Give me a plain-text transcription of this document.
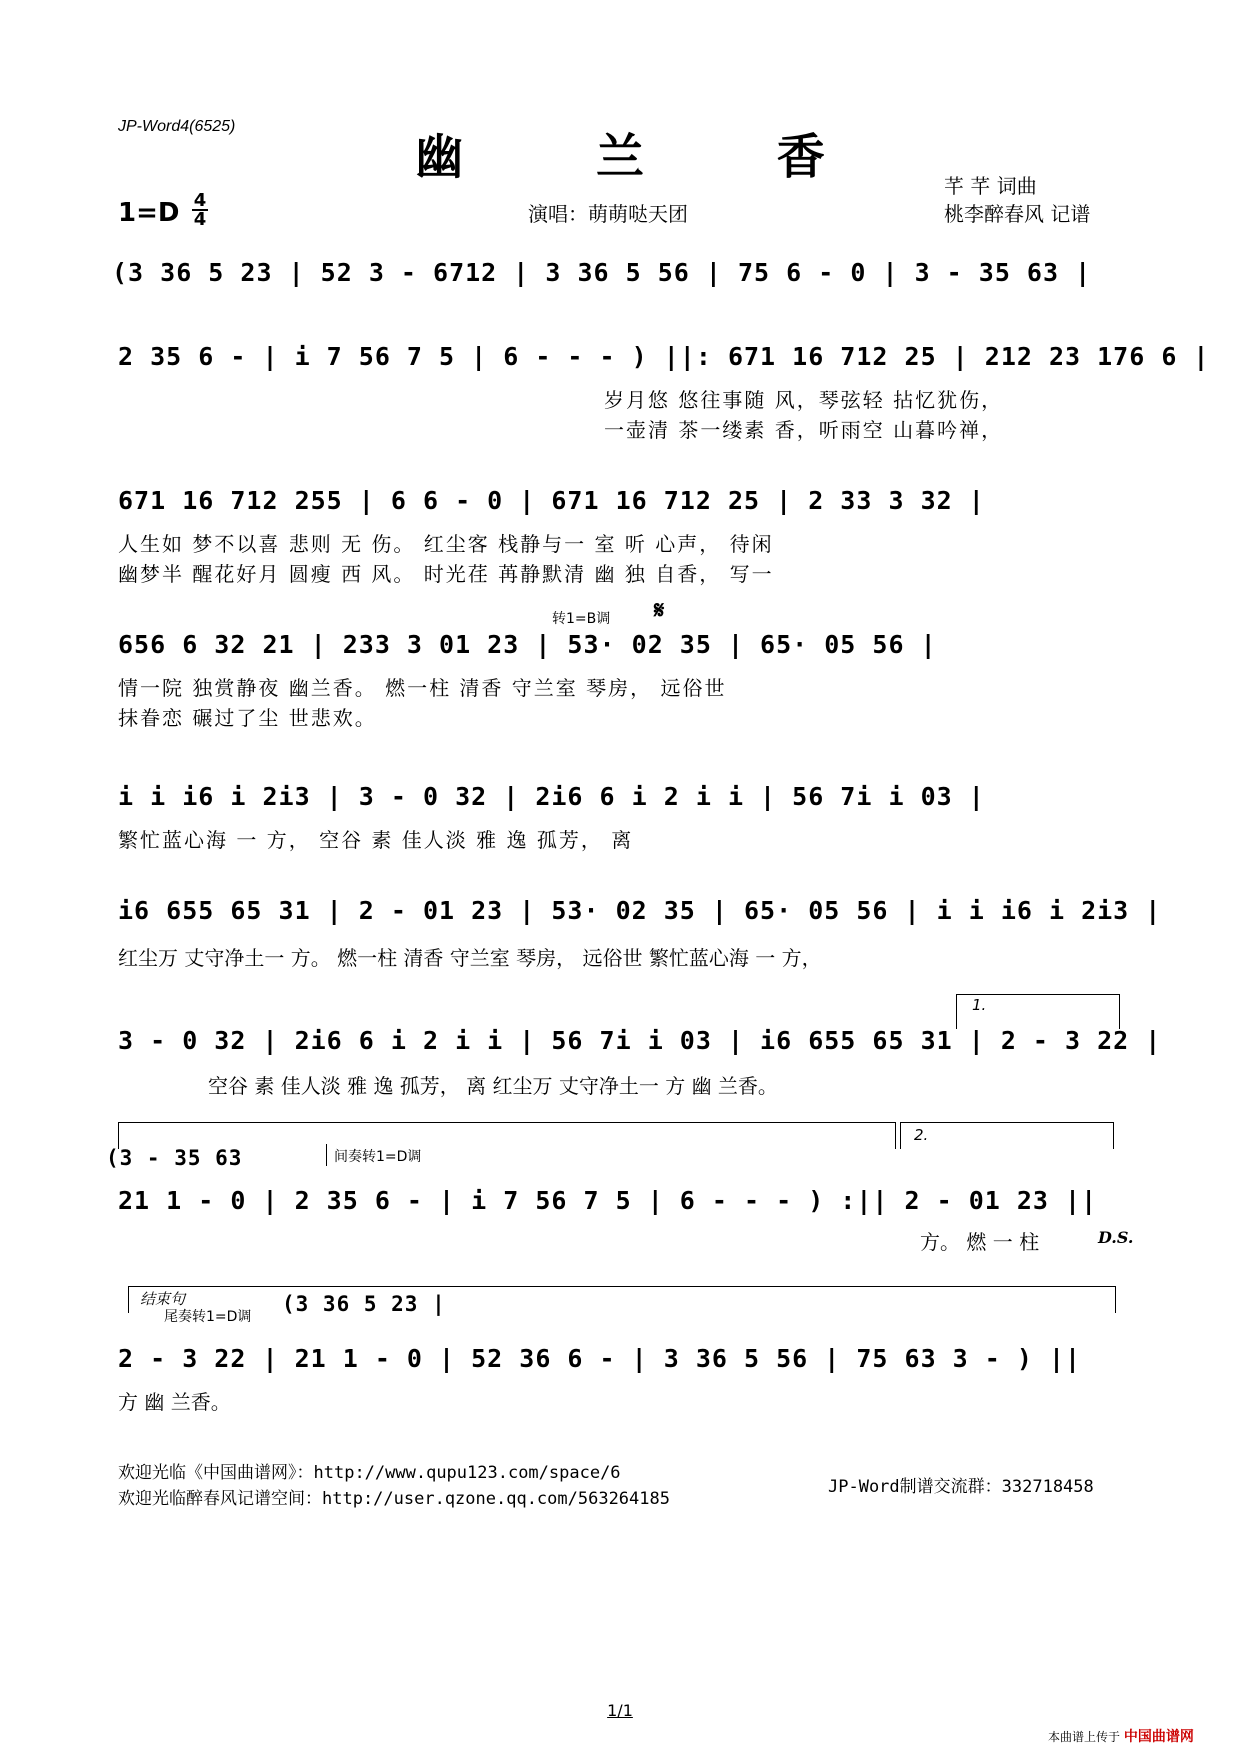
JP-Word4(6525)
幽 兰 香
1=D 4
4	演唱：萌萌哒天团
芊 芊 词曲
桃李醉春风 记谱
(3 36 5 23 | 52 3 - 6712 | 3 36 5 56 | 75 6 - 0 | 3 - 35 63 |
2 35 6 - | i 7 56 7 5 | 6 - - - ) ||: 671 16 712 25 | 212 23 176 6 |
岁月悠 悠往事随 风，琴弦轻 拈忆犹伤，
一壶清 茶一缕素 香，听雨空 山暮吟禅，
671 16 712 255 | 6 6 - 0 | 671 16 712 25 | 2 33 3 32 |
人生如 梦不以喜 悲则 无 伤。 红尘客 栈静与一 室 听 心声， 待闲
幽梦半 醒花好月 圆瘦 西 风。 时光荏 苒静默清 幽 独 自香， 写一
转1=B调 𝄋
656 6 32 21 | 233 3 01 23 | 53· 02 35 | 65· 05 56 |
情一院 独赏静夜 幽兰香。 燃一柱 清香 守兰室 琴房， 远俗世
抹眷恋 碾过了尘 世悲欢。
i i i6 i 2i3 | 3 - 0 32 | 2i6 6 i 2 i i | 56 7i i 03 |
繁忙蓝心海 一 方， 空谷 素 佳人淡 雅 逸 孤芳， 离
i6 655 65 31 | 2 - 01 23 | 53· 02 35 | 65· 05 56 | i i i6 i 2i3 |
红尘万 丈守净土一 方。 燃一柱 清香 守兰室 琴房， 远俗世 繁忙蓝心海 一 方，
1.
3 - 0 32 | 2i6 6 i 2 i i | 56 7i i 03 | i6 655 65 31 | 2 - 3 22 |
空谷 素 佳人淡 雅 逸 孤芳， 离 红尘万 丈守净土一 方 幽 兰香。
2.
(3 - 35 63	间奏转1=D调
21 1 - 0 | 2 35 6 - | i 7 56 7 5 | 6 - - - ) :|| 2 - 01 23 ||
方。 燃 一 柱	D.S.
结束句
尾奏转1=D调
(3 36 5 23 |
2 - 3 22 | 21 1 - 0 | 52 36 6 - | 3 36 5 56 | 75 63 3 - ) ||
方 幽 兰香。
欢迎光临《中国曲谱网》：http://www.qupu123.com/space/6
欢迎光临醉春风记谱空间：http://user.qzone.qq.com/563264185
JP-Word制谱交流群：332718458
1/1
本曲谱上传于 中国曲谱网
